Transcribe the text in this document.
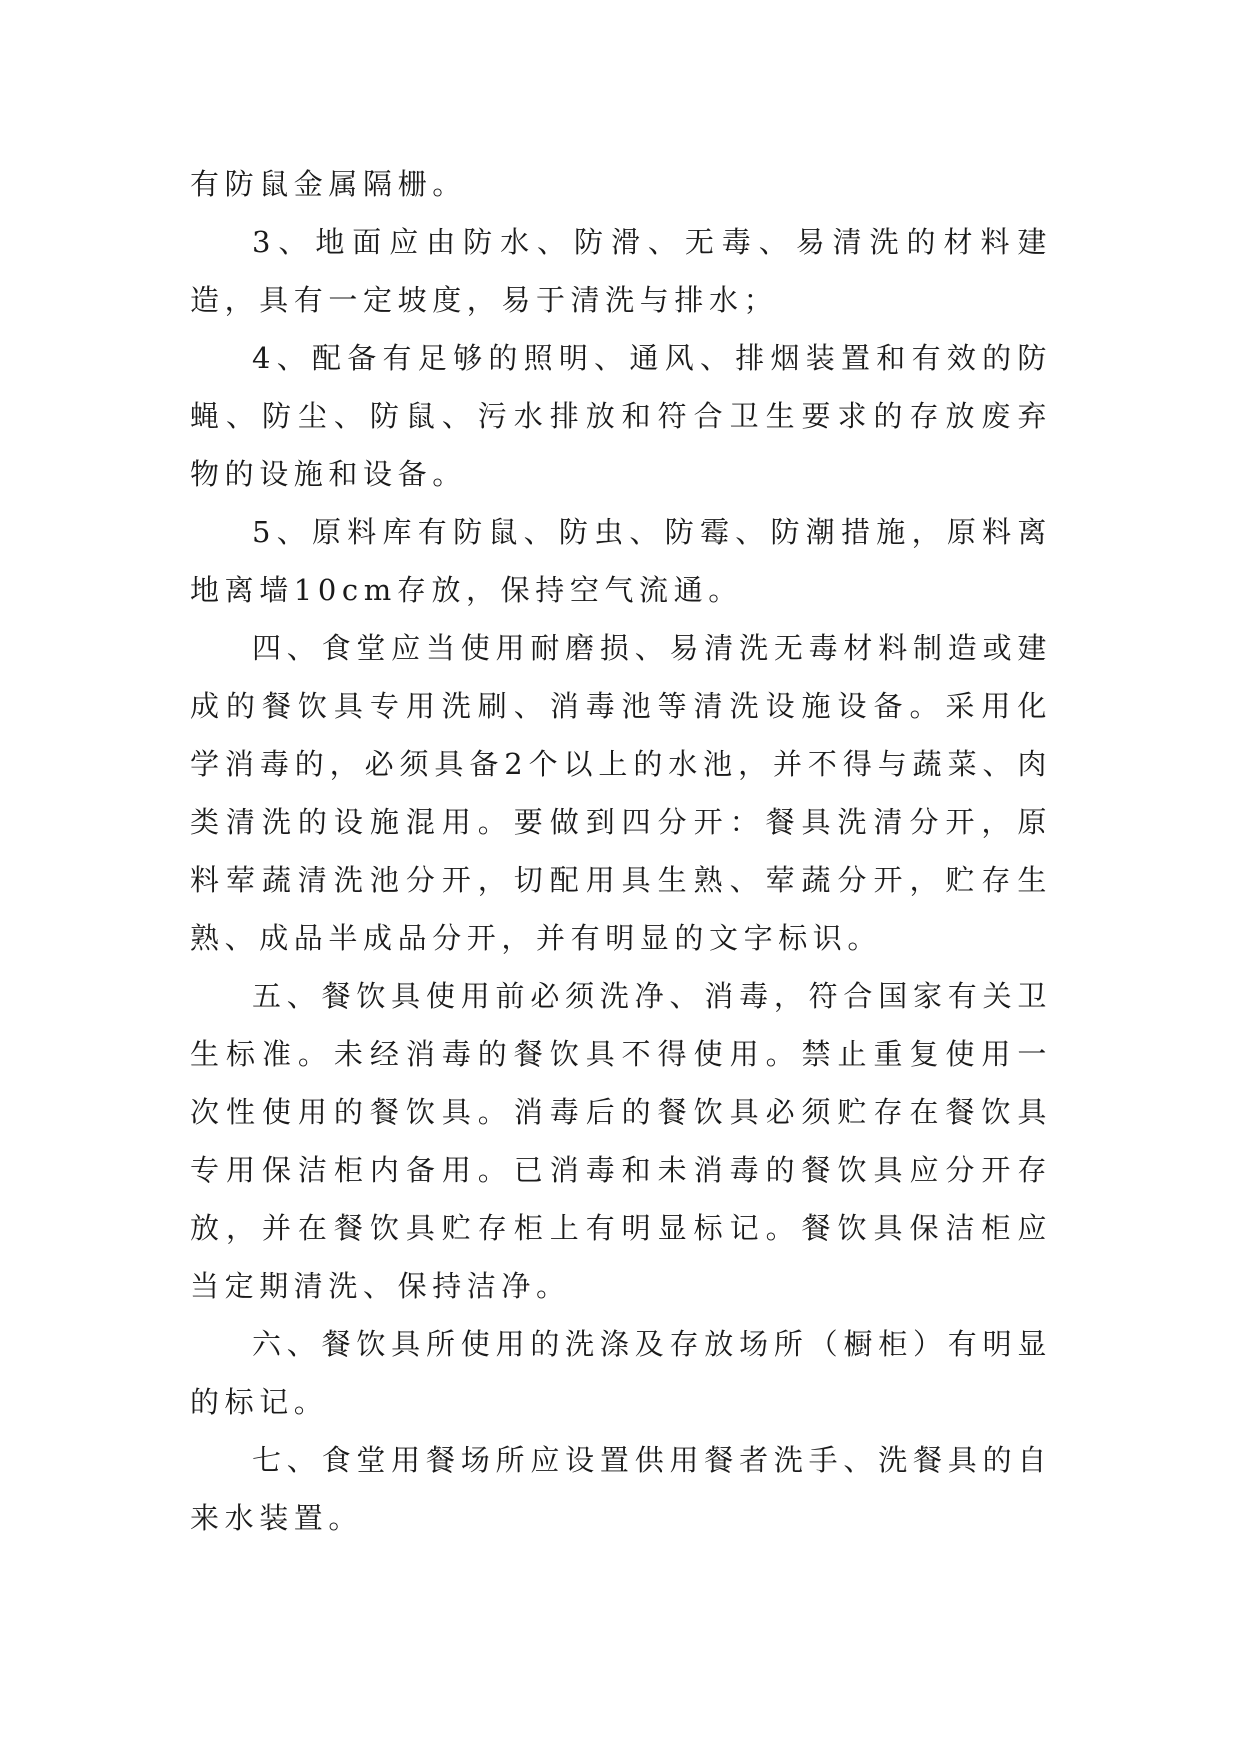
有防鼠金属隔栅。

3、地面应由防水、防滑、无毒、易清洗的材料建造，具有一定坡度，易于清洗与排水；

4、配备有足够的照明、通风、排烟装置和有效的防蝇、防尘、防鼠、污水排放和符合卫生要求的存放废弃物的设施和设备。

5、原料库有防鼠、防虫、防霉、防潮措施，原料离地离墙10cm存放，保持空气流通。

四、食堂应当使用耐磨损、易清洗无毒材料制造或建成的餐饮具专用洗刷、消毒池等清洗设施设备。采用化学消毒的，必须具备2个以上的水池，并不得与蔬菜、肉类清洗的设施混用。要做到四分开：餐具洗清分开，原料荤蔬清洗池分开，切配用具生熟、荤蔬分开，贮存生熟、成品半成品分开，并有明显的文字标识。

五、餐饮具使用前必须洗净、消毒，符合国家有关卫生标准。未经消毒的餐饮具不得使用。禁止重复使用一次性使用的餐饮具。消毒后的餐饮具必须贮存在餐饮具专用保洁柜内备用。已消毒和未消毒的餐饮具应分开存放，并在餐饮具贮存柜上有明显标记。餐饮具保洁柜应当定期清洗、保持洁净。

六、餐饮具所使用的洗涤及存放场所（橱柜）有明显的标记。

七、食堂用餐场所应设置供用餐者洗手、洗餐具的自来水装置。
